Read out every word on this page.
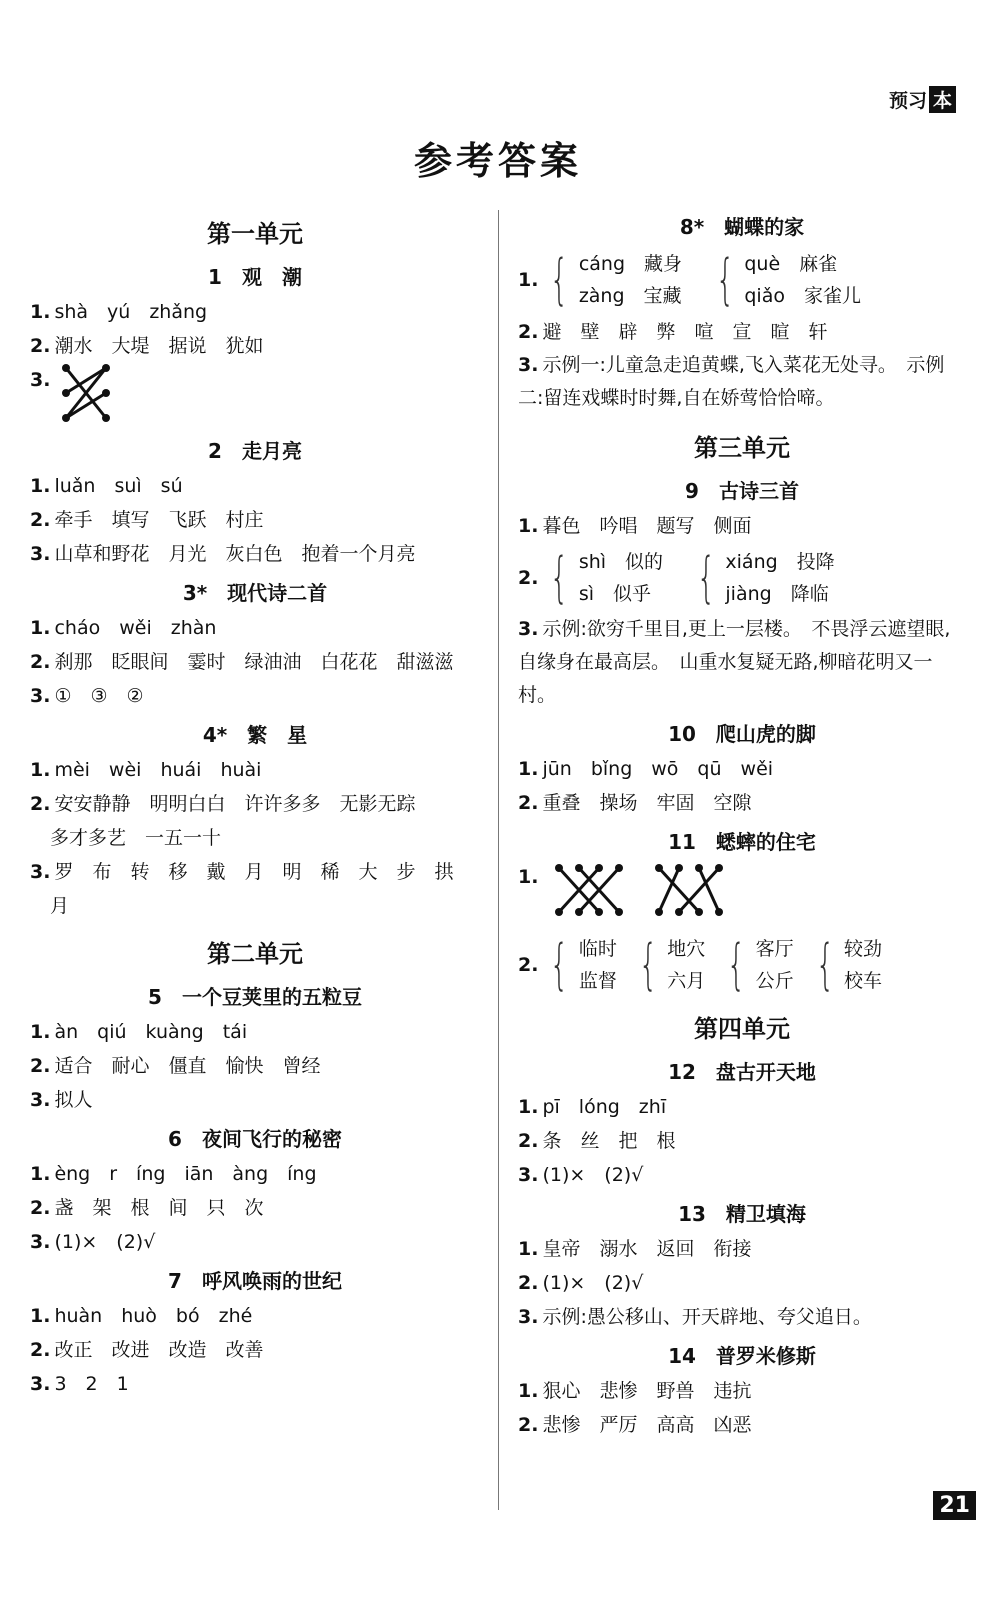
预习 本
参考答案
第一单元
1　观　潮
1. shà　yú　zhǎng
2. 潮水　大堤　据说　犹如
3.
2　走月亮
1. luǎn　suì　sú
2. 牵手　填写　飞跃　村庄
3. 山草和野花　月光　灰白色　抱着一个月亮
3*　现代诗二首
1. cháo　wěi　zhàn
2. 刹那　眨眼间　霎时　绿油油　白花花　甜滋滋
3. ①　③　②
4*　繁　星
1. mèi　wèi　huái　huài
2. 安安静静　明明白白　许许多多　无影无踪
多才多艺　一五一十
3. 罗　布　转　移　戴　月　明　稀　大　步　拱
月
第二单元
5　一个豆荚里的五粒豆
1. àn　qiú　kuàng　tái
2. 适合　耐心　僵直　愉快　曾经
3. 拟人
6　夜间飞行的秘密
1. èng　r　íng　iān　àng　íng
2. 盏　架　根　间　只　次
3. (1)×　(2)√
7　呼风唤雨的世纪
1. huàn　huò　bó　zhé
2. 改正　改进　改造　改善
3. 3　2　1
8*　蝴蝶的家
1. { cáng　藏身
zàng　宝藏 { què　麻雀
qiǎo　家雀儿
2. 避　壁　辟　弊　喧　宣　暄　轩
3. 示例一:儿童急走追黄蝶,飞入菜花无处寻。　示例二:留连戏蝶时时舞,自在娇莺恰恰啼。
第三单元
9　古诗三首
1. 暮色　吟唱　题写　侧面
2. { shì　似的
sì　似乎 { xiáng　投降
jiàng　降临
3. 示例:欲穷千里目,更上一层楼。　不畏浮云遮望眼,自缘身在最高层。　山重水复疑无路,柳暗花明又一村。
10　爬山虎的脚
1. jūn　bǐng　wō　qū　wěi
2. 重叠　操场　牢固　空隙
11　蟋蟀的住宅
1.
2. { 临时
监督 { 地穴
六月 { 客厅
公斤 { 较劲
校车
第四单元
12　盘古开天地
1. pī　lóng　zhī
2. 条　丝　把　根
3. (1)×　(2)√
13　精卫填海
1. 皇帝　溺水　返回　衔接
2. (1)×　(2)√
3. 示例:愚公移山、开天辟地、夸父追日。
14　普罗米修斯
1. 狠心　悲惨　野兽　违抗
2. 悲惨　严厉　高高　凶恶
21
